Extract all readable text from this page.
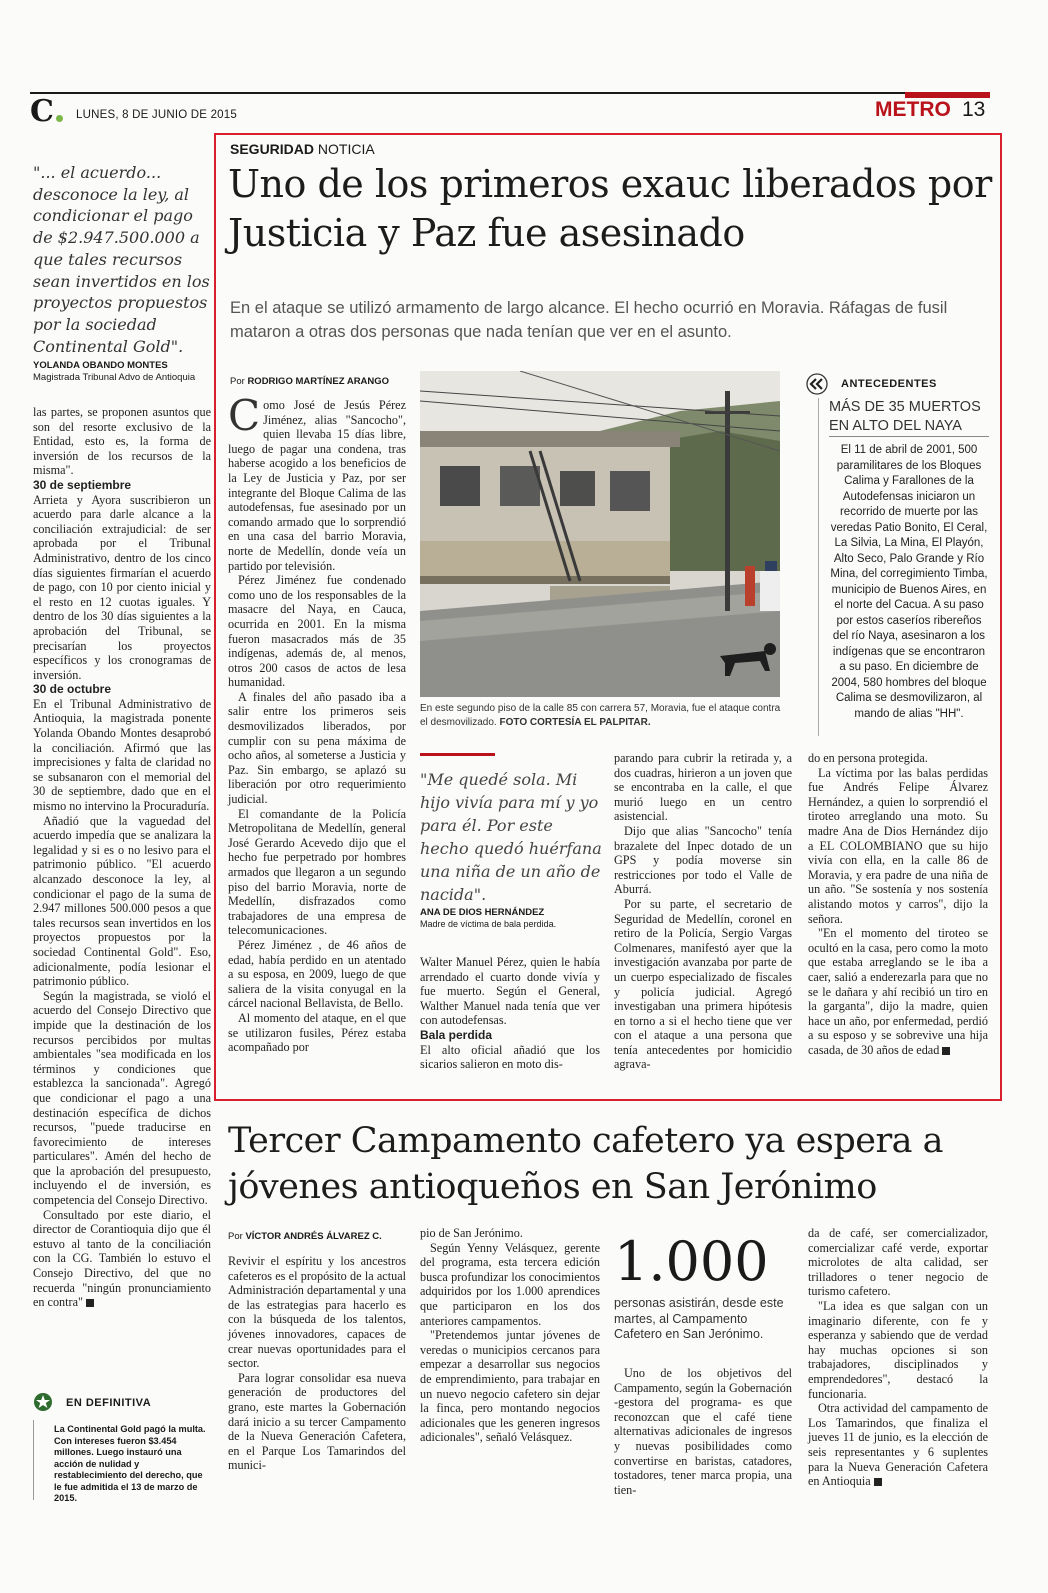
C LUNES, 8 DE JUNIO DE 2015	METRO 13
"... el acuerdo... desconoce la ley, al condicionar el pago de $2.947.500.000 a que tales recursos sean invertidos en los proyectos propuestos por la sociedad Continental Gold".
YOLANDA OBANDO MONTES
Magistrada Tribunal Advo de Antioquia

las partes, se proponen asuntos que son del resorte exclusivo de la Entidad, esto es, la forma de inversión de los recursos de la misma".

30 de septiembre

Arrieta y Ayora suscribieron un acuerdo para darle alcance a la conciliación extrajudicial: de ser aprobada por el Tribunal Administrativo, dentro de los cinco días siguientes firmarían el acuerdo de pago, con 10 por ciento inicial y el resto en 12 cuotas iguales. Y dentro de los 30 días siguientes a la aprobación del Tribunal, se precisarían los proyectos específicos y los cronogramas de inversión.

30 de octubre

En el Tribunal Administrativo de Antioquia, la magistrada ponente Yolanda Obando Montes desaprobó la conciliación. Afirmó que las imprecisiones y falta de claridad no se subsanaron con el memorial del 30 de septiembre, dado que en el mismo no intervino la Procuraduría.

Añadió que la vaguedad del acuerdo impedía que se analizara la legalidad y si es o no lesivo para el patrimonio público. "El acuerdo alcanzado desconoce la ley, al condicionar el pago de la suma de 2.947 millones 500.000 pesos a que tales recursos sean invertidos en los proyectos propuestos por la sociedad Continental Gold". Eso, adicionalmente, podía lesionar el patrimonio público.

Según la magistrada, se violó el acuerdo del Consejo Directivo que impide que la destinación de los recursos percibidos por multas ambientales "sea modificada en los términos y condiciones que establezca la sancionada". Agregó que condicionar el pago a una destinación específica de dichos recursos, "puede traducirse en favorecimiento de intereses particulares". Amén del hecho de que la aprobación del presupuesto, incluyendo el de inversión, es competencia del Consejo Directivo.

Consultado por este diario, el director de Corantioquia dijo que él estuvo al tanto de la conciliación con la CG. También lo estuvo el Consejo Directivo, del que no recuerda "ningún pronunciamiento en contra"

EN DEFINITIVA
La Continental Gold pagó la multa. Con intereses fueron $3.454 millones. Luego instauró una acción de nulidad y restablecimiento del derecho, que le fue admitida el 13 de marzo de 2015.
SEGURIDAD NOTICIA
Uno de los primeros exauc liberados por Justicia y Paz fue asesinado
En el ataque se utilizó armamento de largo alcance. El hecho ocurrió en Moravia. Ráfagas de fusil mataron a otras dos personas que nada tenían que ver en el asunto.
Por RODRIGO MARTÍNEZ ARANGO

Como José de Jesús Pérez Jiménez, alias "Sancocho", quien llevaba 15 días libre, luego de pagar una condena, tras haberse acogido a los beneficios de la Ley de Justicia y Paz, por ser integrante del Bloque Calima de las autodefensas, fue asesinado por un comando armado que lo sorprendió en una casa del barrio Moravia, norte de Medellín, donde veía un partido por televisión.

Pérez Jiménez fue condenado como uno de los responsables de la masacre del Naya, en Cauca, ocurrida en 2001. En la misma fueron masacrados más de 35 indígenas, además de, al menos, otros 200 casos de actos de lesa humanidad.

A finales del año pasado iba a salir entre los primeros seis desmovilizados liberados, por cumplir con su pena máxima de ocho años, al someterse a Justicia y Paz. Sin embargo, se aplazó su liberación por otro requerimiento judicial.

El comandante de la Policía Metropolitana de Medellín, general José Gerardo Acevedo dijo que el hecho fue perpetrado por hombres armados que llegaron a un segundo piso del barrio Moravia, norte de Medellín, disfrazados como trabajadores de una empresa de telecomunicaciones.

Pérez Jiménez , de 46 años de edad, había perdido en un atentado a su esposa, en 2009, luego de que saliera de la visita conyugal en la cárcel nacional Bellavista, de Bello.

Al momento del ataque, en el que se utilizaron fusiles, Pérez estaba acompañado por

En este segundo piso de la calle 85 con carrera 57, Moravia, fue el ataque contra el desmovilizado. FOTO CORTESÍA EL PALPITAR.
ANTECEDENTES
MÁS DE 35 MUERTOS EN ALTO DEL NAYA
El 11 de abril de 2001, 500 paramilitares de los Bloques Calima y Farallones de la Autodefensas iniciaron un recorrido de muerte por las veredas Patio Bonito, El Ceral, La Silvia, La Mina, El Playón, Alto Seco, Palo Grande y Río Mina, del corregimiento Timba, municipio de Buenos Aires, en el norte del Cacua. A su paso por estos caseríos ribereños del río Naya, asesinaron a los indígenas que se encontraron a su paso. En diciembre de 2004, 580 hombres del bloque Calima se desmovilizaron, al mando de alias "HH".
"Me quedé sola. Mi hijo vivía para mí y yo para él. Por este hecho quedó huérfana una niña de un año de nacida".
ANA DE DIOS HERNÁNDEZ
Madre de víctima de bala perdida.

Walter Manuel Pérez, quien le había arrendado el cuarto donde vivía y fue muerto. Según el General, Walther Manuel nada tenía que ver con autodefensas.

Bala perdida

El alto oficial añadió que los sicarios salieron en moto dis-

parando para cubrir la retirada y, a dos cuadras, hirieron a un joven que se encontraba en la calle, el que murió luego en un centro asistencial.

Dijo que alias "Sancocho" tenía brazalete del Inpec dotado de un GPS y podía moverse sin restricciones por todo el Valle de Aburrá.

Por su parte, el secretario de Seguridad de Medellín, coronel en retiro de la Policía, Sergio Vargas Colmenares, manifestó ayer que la investigación avanzaba por parte de un cuerpo especializado de fiscales y policía judicial. Agregó investigaban una primera hipótesis en torno a si el hecho tiene que ver con el ataque a una persona que tenía antecedentes por homicidio agrava-

do en persona protegida.

La víctima por las balas perdidas fue Andrés Felipe Álvarez Hernández, a quien lo sorprendió el tiroteo arreglando una moto. Su madre Ana de Dios Hernández dijo a EL COLOMBIANO que su hijo vivía con ella, en la calle 86 de Moravia, y era padre de una niña de un año. "Se sostenía y nos sostenía alistando motos y carros", dijo la señora.

"En el momento del tiroteo se ocultó en la casa, pero como la moto que estaba arreglando se le iba a caer, salió a enderezarla para que no se le dañara y ahí recibió un tiro en la garganta", dijo la madre, quien hace un año, por enfermedad, perdió a su esposo y se sobrevive una hija casada, de 30 años de edad

Tercer Campamento cafetero ya espera a jóvenes antioqueños en San Jerónimo
Por VÍCTOR ANDRÉS ÁLVAREZ C.

Revivir el espíritu y los ancestros cafeteros es el propósito de la actual Administración departamental y una de las estrategias para hacerlo es con la búsqueda de los talentos, jóvenes innovadores, capaces de crear nuevas oportunidades para el sector.

Para lograr consolidar esa nueva generación de productores del grano, este martes la Gobernación dará inicio a su tercer Campamento de la Nueva Generación Cafetera, en el Parque Los Tamarindos del munici-

pio de San Jerónimo.

Según Yenny Velásquez, gerente del programa, esta tercera edición busca profundizar los conocimientos adquiridos por los 1.000 aprendices que participaron en los dos anteriores campamentos.

"Pretendemos juntar jóvenes de veredas o municipios cercanos para empezar a desarrollar sus negocios de emprendimiento, para trabajar en un nuevo negocio cafetero sin dejar la finca, pero montando negocios adicionales que les generen ingresos adicionales", señaló Velásquez.

1.000
personas asistirán, desde este martes, al Campamento Cafetero en San Jerónimo.

Uno de los objetivos del Campamento, según la Gobernación -gestora del programa- es que reconozcan que el café tiene alternativas adicionales de ingresos y nuevas posibilidades como convertirse en baristas, catadores, tostadores, tener marca propia, una tien-

da de café, ser comercializador, comercializar café verde, exportar microlotes de alta calidad, ser trilladores o tener negocio de turismo cafetero.

"La idea es que salgan con un imaginario diferente, con fe y esperanza y sabiendo que de verdad hay muchas opciones si son trabajadores, disciplinados y emprendedores", destacó la funcionaria.

Otra actividad del campamento de Los Tamarindos, que finaliza el jueves 11 de junio, es la elección de seis representantes y 6 suplentes para la Nueva Generación Cafetera en Antioquia
